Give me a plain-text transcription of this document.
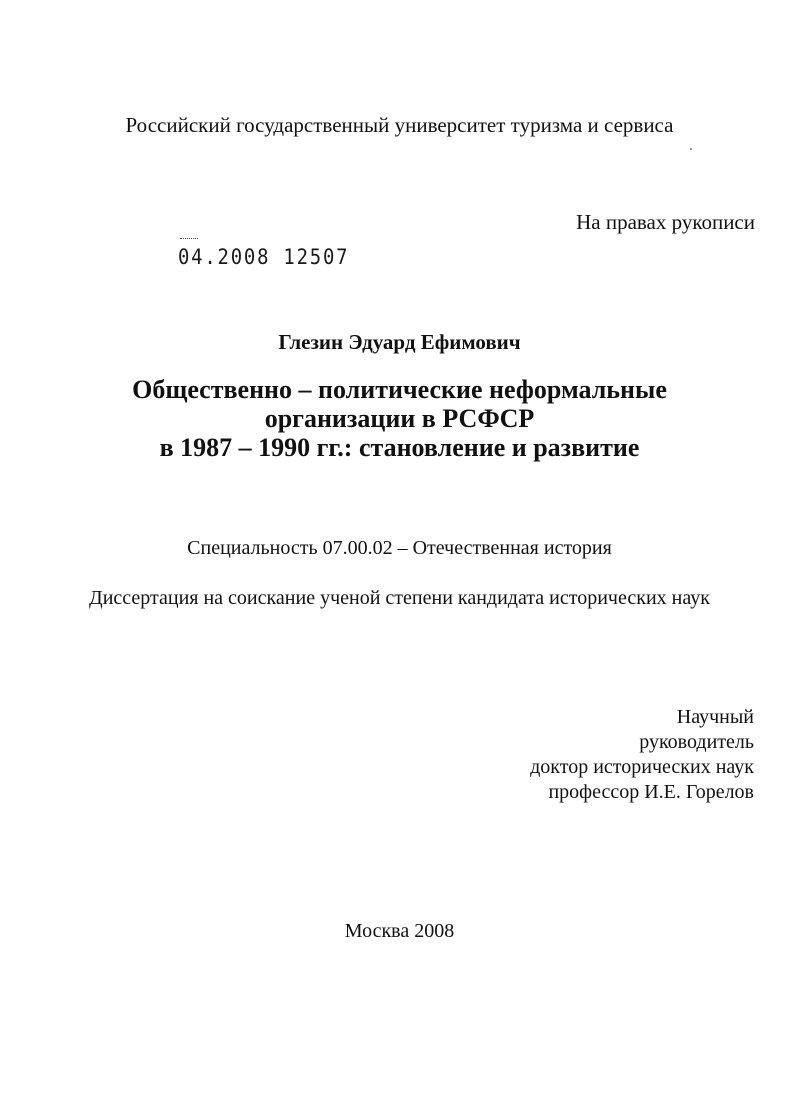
Российский государственный университет туризма и сервиса
На правах рукописи
04.2008 12507
Глезин Эдуард Ефимович
Общественно – политические неформальные
организации в РСФСР
в 1987 – 1990 гг.: становление и развитие
Специальность 07.00.02 – Отечественная история
Диссертация на соискание ученой степени кандидата исторических наук
Научный
руководитель
доктор исторических наук
профессор И.Е. Горелов
Москва 2008
